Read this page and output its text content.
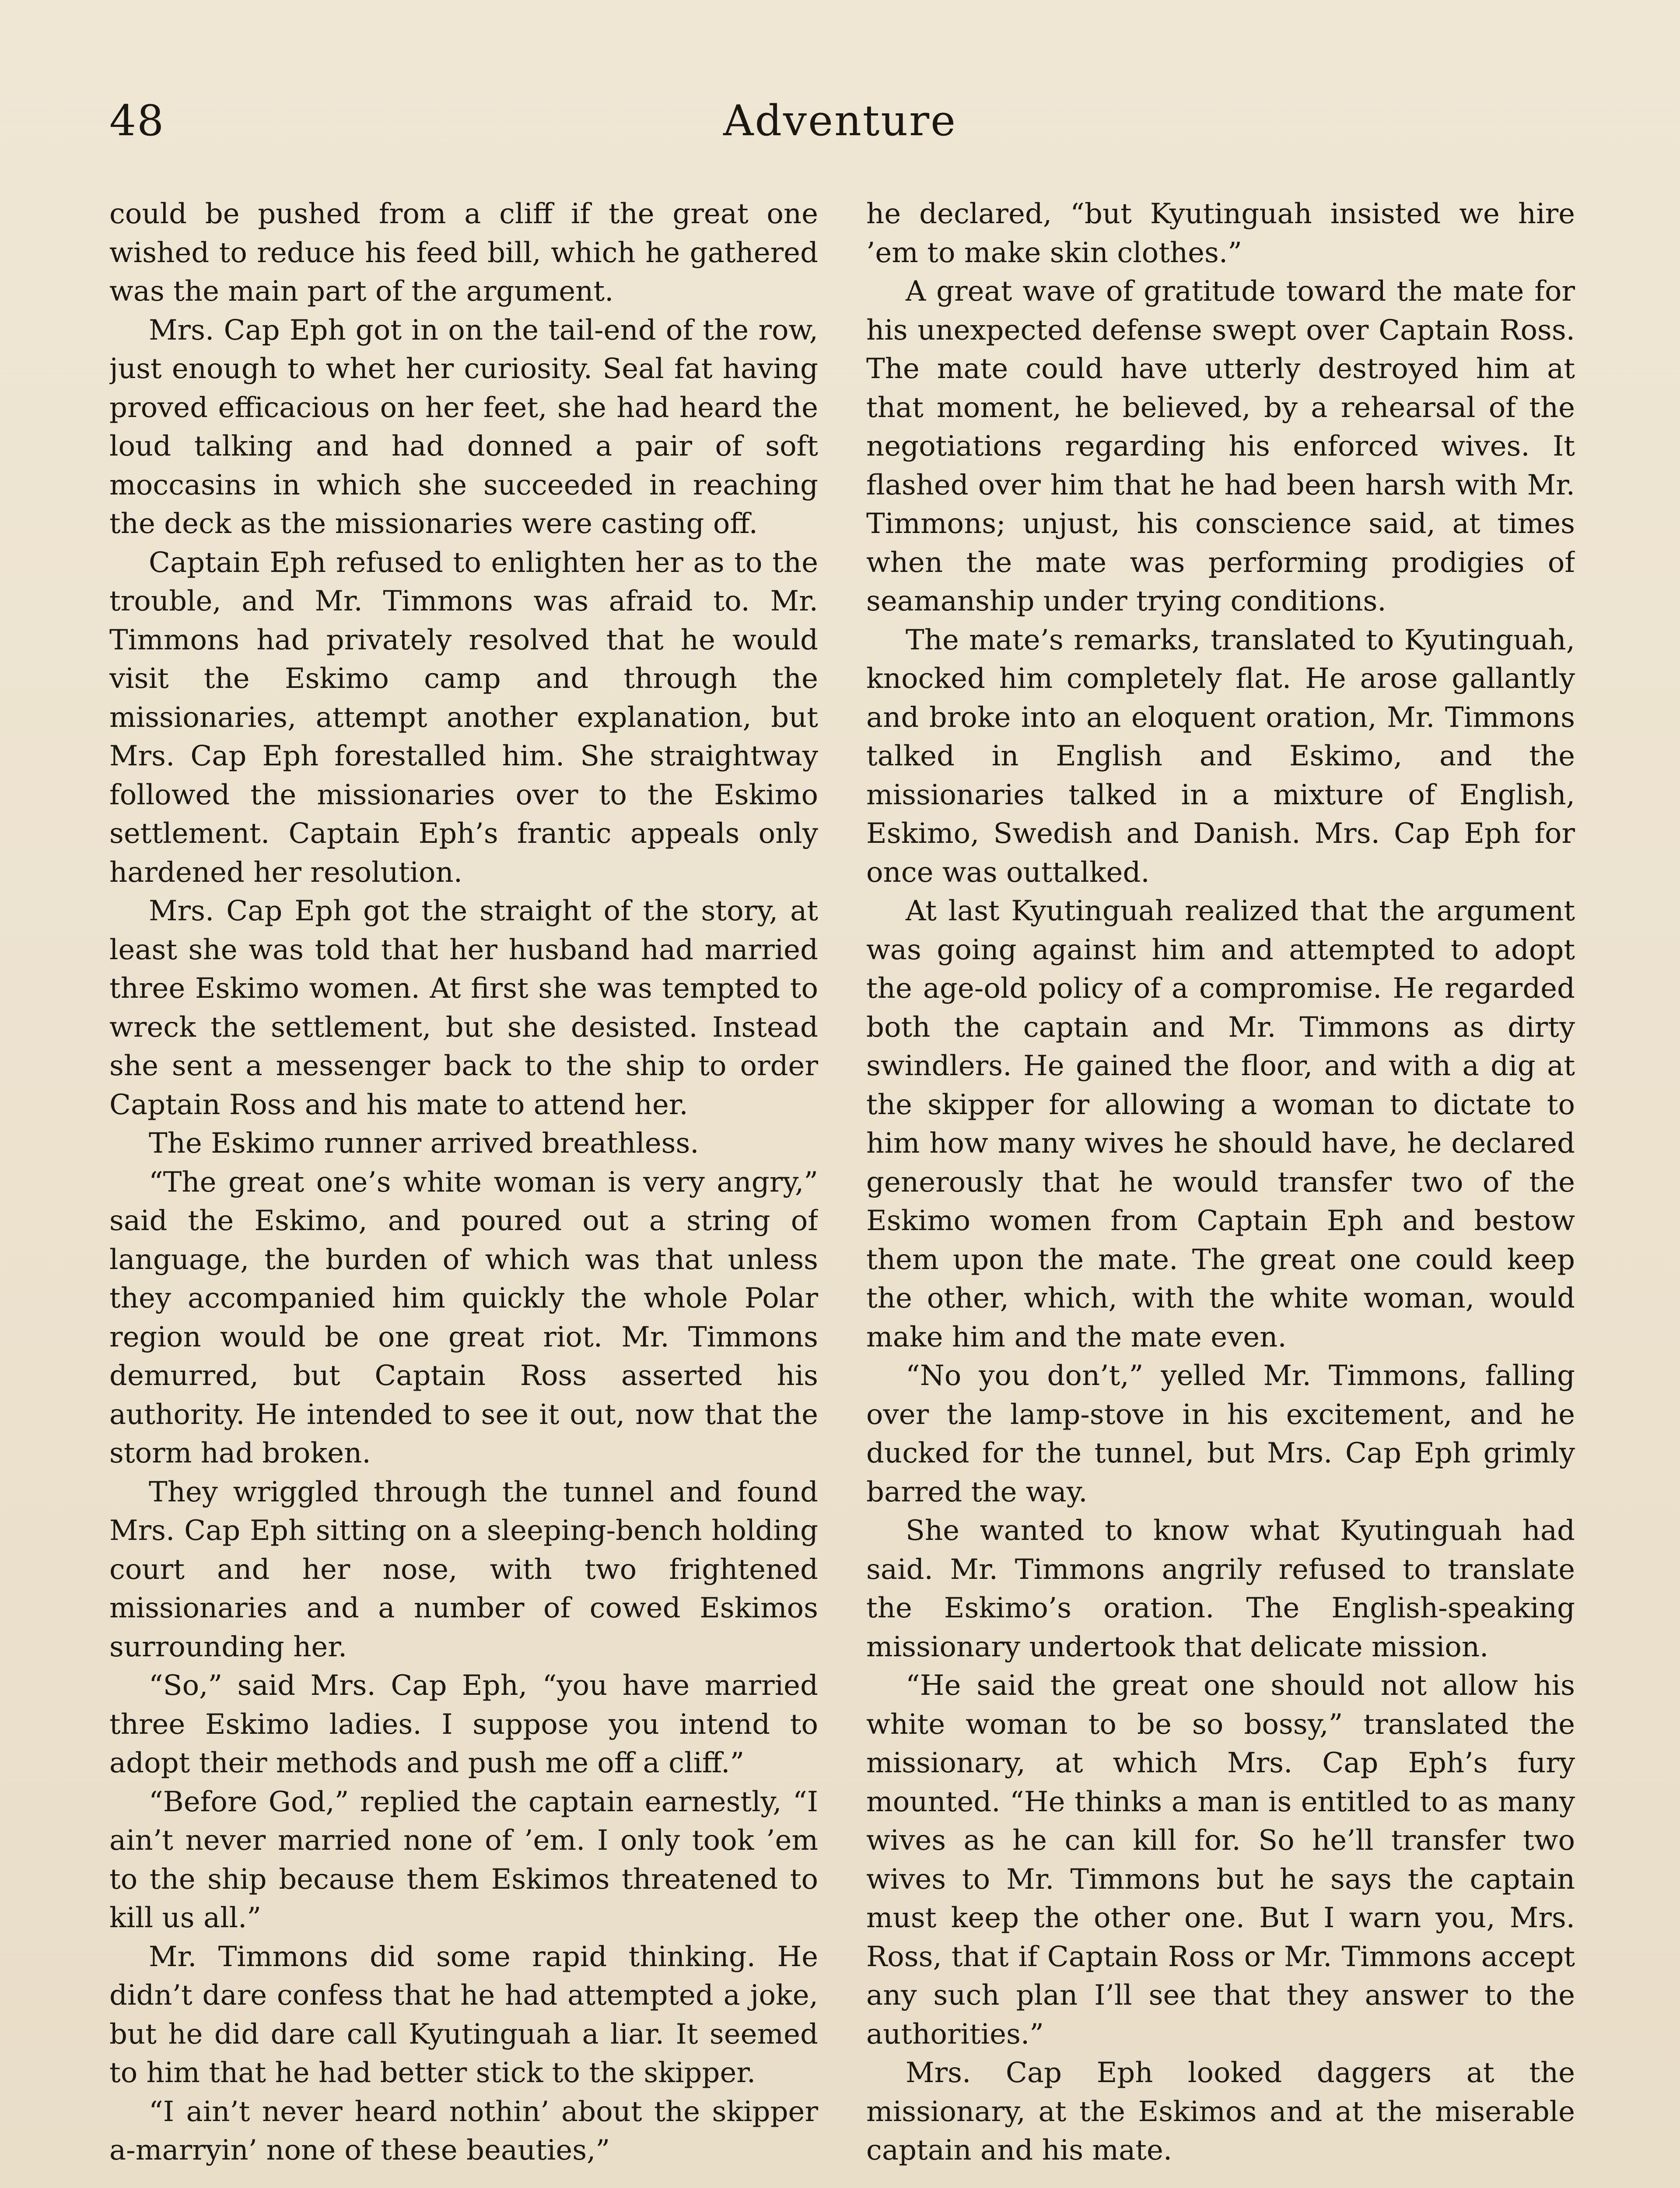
48	Adventure

could be pushed from a cliff if the great one wished to reduce his feed bill, which he gathered was the main part of the argument.

Mrs. Cap Eph got in on the tail-end of the row, just enough to whet her curiosity. Seal fat having proved efficacious on her feet, she had heard the loud talking and had donned a pair of soft moccasins in which she succeeded in reaching the deck as the missionaries were casting off.

Captain Eph refused to enlighten her as to the trouble, and Mr. Timmons was afraid to. Mr. Timmons had privately resolved that he would visit the Eskimo camp and through the missionaries, attempt another explanation, but Mrs. Cap Eph forestalled him. She straightway followed the missionaries over to the Eskimo settlement. Captain Eph’s frantic appeals only hardened her resolution.

Mrs. Cap Eph got the straight of the story, at least she was told that her husband had married three Eskimo women. At first she was tempted to wreck the settlement, but she desisted. Instead she sent a messenger back to the ship to order Captain Ross and his mate to attend her.

The Eskimo runner arrived breathless.

“The great one’s white woman is very angry,” said the Eskimo, and poured out a string of language, the burden of which was that unless they accompanied him quickly the whole Polar region would be one great riot. Mr. Timmons demurred, but Captain Ross asserted his authority. He intended to see it out, now that the storm had broken.

They wriggled through the tunnel and found Mrs. Cap Eph sitting on a sleeping-bench holding court and her nose, with two frightened missionaries and a number of cowed Eskimos surrounding her.

“So,” said Mrs. Cap Eph, “you have married three Eskimo ladies. I suppose you intend to adopt their methods and push me off a cliff.”

“Before God,” replied the captain earnestly, “I ain’t never married none of ’em. I only took ’em to the ship because them Eskimos threatened to kill us all.”

Mr. Timmons did some rapid thinking. He didn’t dare confess that he had attempted a joke, but he did dare call Kyutinguah a liar. It seemed to him that he had better stick to the skipper.

“I ain’t never heard nothin’ about the skipper a-marryin’ none of these beauties,”

he declared, “but Kyutinguah insisted we hire ’em to make skin clothes.”

A great wave of gratitude toward the mate for his unexpected defense swept over Captain Ross. The mate could have utterly destroyed him at that moment, he believed, by a rehearsal of the negotiations regarding his enforced wives. It flashed over him that he had been harsh with Mr. Timmons; unjust, his conscience said, at times when the mate was performing prodigies of seamanship under trying conditions.

The mate’s remarks, translated to Kyutinguah, knocked him completely flat. He arose gallantly and broke into an eloquent oration, Mr. Timmons talked in English and Eskimo, and the missionaries talked in a mixture of English, Eskimo, Swedish and Danish. Mrs. Cap Eph for once was outtalked.

At last Kyutinguah realized that the argument was going against him and attempted to adopt the age-old policy of a compromise. He regarded both the captain and Mr. Timmons as dirty swindlers. He gained the floor, and with a dig at the skipper for allowing a woman to dictate to him how many wives he should have, he declared generously that he would transfer two of the Eskimo women from Captain Eph and bestow them upon the mate. The great one could keep the other, which, with the white woman, would make him and the mate even.

“No you don’t,” yelled Mr. Timmons, falling over the lamp-stove in his excitement, and he ducked for the tunnel, but Mrs. Cap Eph grimly barred the way.

She wanted to know what Kyutinguah had said. Mr. Timmons angrily refused to translate the Eskimo’s oration. The English-speaking missionary undertook that delicate mission.

“He said the great one should not allow his white woman to be so bossy,” translated the missionary, at which Mrs. Cap Eph’s fury mounted. “He thinks a man is entitled to as many wives as he can kill for. So he’ll transfer two wives to Mr. Timmons but he says the captain must keep the other one. But I warn you, Mrs. Ross, that if Captain Ross or Mr. Timmons accept any such plan I’ll see that they answer to the authorities.”

Mrs. Cap Eph looked daggers at the missionary, at the Eskimos and at the miserable captain and his mate.
